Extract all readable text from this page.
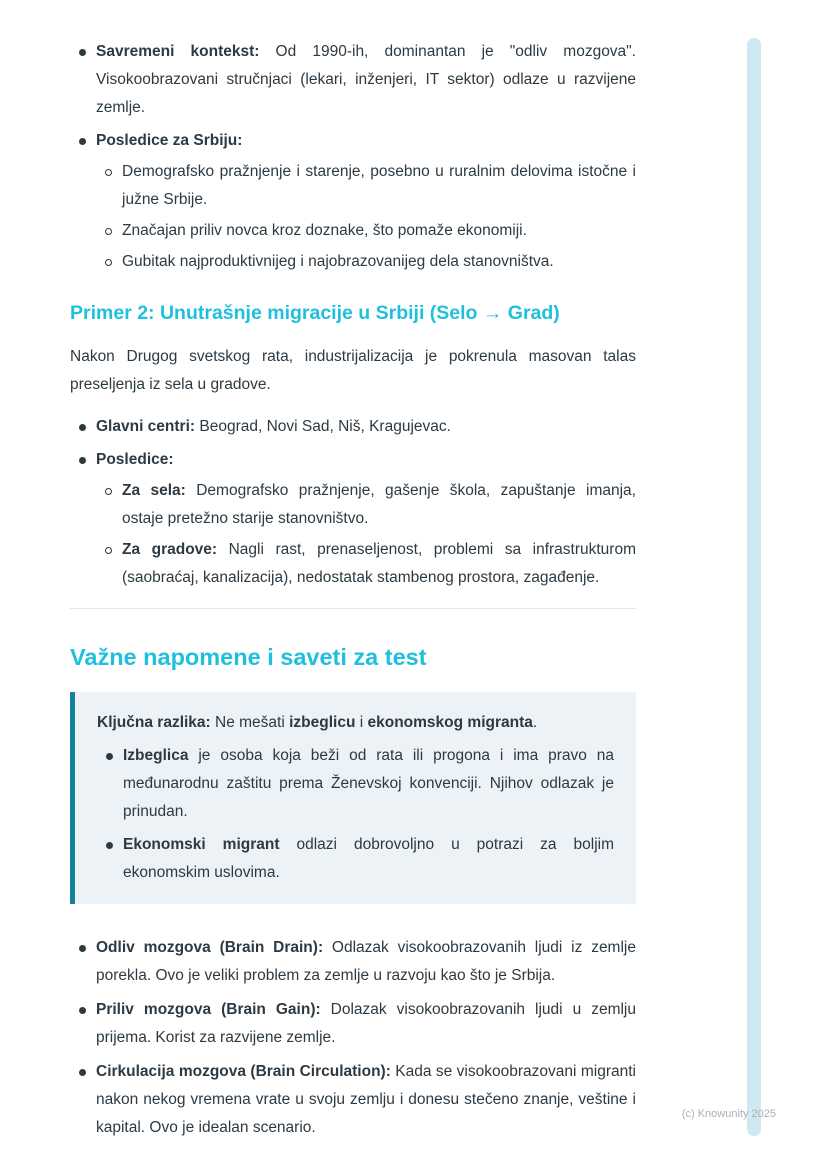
Savremeni kontekst: Od 1990-ih, dominantan je "odliv mozgova". Visokoobrazovani stručnjaci (lekari, inženjeri, IT sektor) odlaze u razvijene zemlje.
Posledice za Srbiju:
Demografsko pražnjenje i starenje, posebno u ruralnim delovima istočne i južne Srbije.
Značajan priliv novca kroz doznake, što pomaže ekonomiji.
Gubitak najproduktivnijeg i najobrazovanijeg dela stanovništva.
Primer 2: Unutrašnje migracije u Srbiji (Selo → Grad)

Nakon Drugog svetskog rata, industrijalizacija je pokrenula masovan talas preseljenja iz sela u gradove.

Glavni centri: Beograd, Novi Sad, Niš, Kragujevac.
Posledice:
Za sela: Demografsko pražnjenje, gašenje škola, zapuštanje imanja, ostaje pretežno starije stanovništvo.
Za gradove: Nagli rast, prenaseljenost, problemi sa infrastrukturom (saobraćaj, kanalizacija), nedostatak stambenog prostora, zagađenje.
Važne napomene i saveti za test

Ključna razlika: Ne mešati izbeglicu i ekonomskog migranta.

Izbeglica je osoba koja beži od rata ili progona i ima pravo na međunarodnu zaštitu prema Ženevskoj konvenciji. Njihov odlazak je prinudan.
Ekonomski migrant odlazi dobrovoljno u potrazi za boljim ekonomskim uslovima.
Odliv mozgova (Brain Drain): Odlazak visokoobrazovanih ljudi iz zemlje porekla. Ovo je veliki problem za zemlje u razvoju kao što je Srbija.
Priliv mozgova (Brain Gain): Dolazak visokoobrazovanih ljudi u zemlju prijema. Korist za razvijene zemlje.
Cirkulacija mozgova (Brain Circulation): Kada se visokoobrazovani migranti nakon nekog vremena vrate u svoju zemlju i donesu stečeno znanje, veštine i kapital. Ovo je idealan scenario.
(c) Knowunity 2025
